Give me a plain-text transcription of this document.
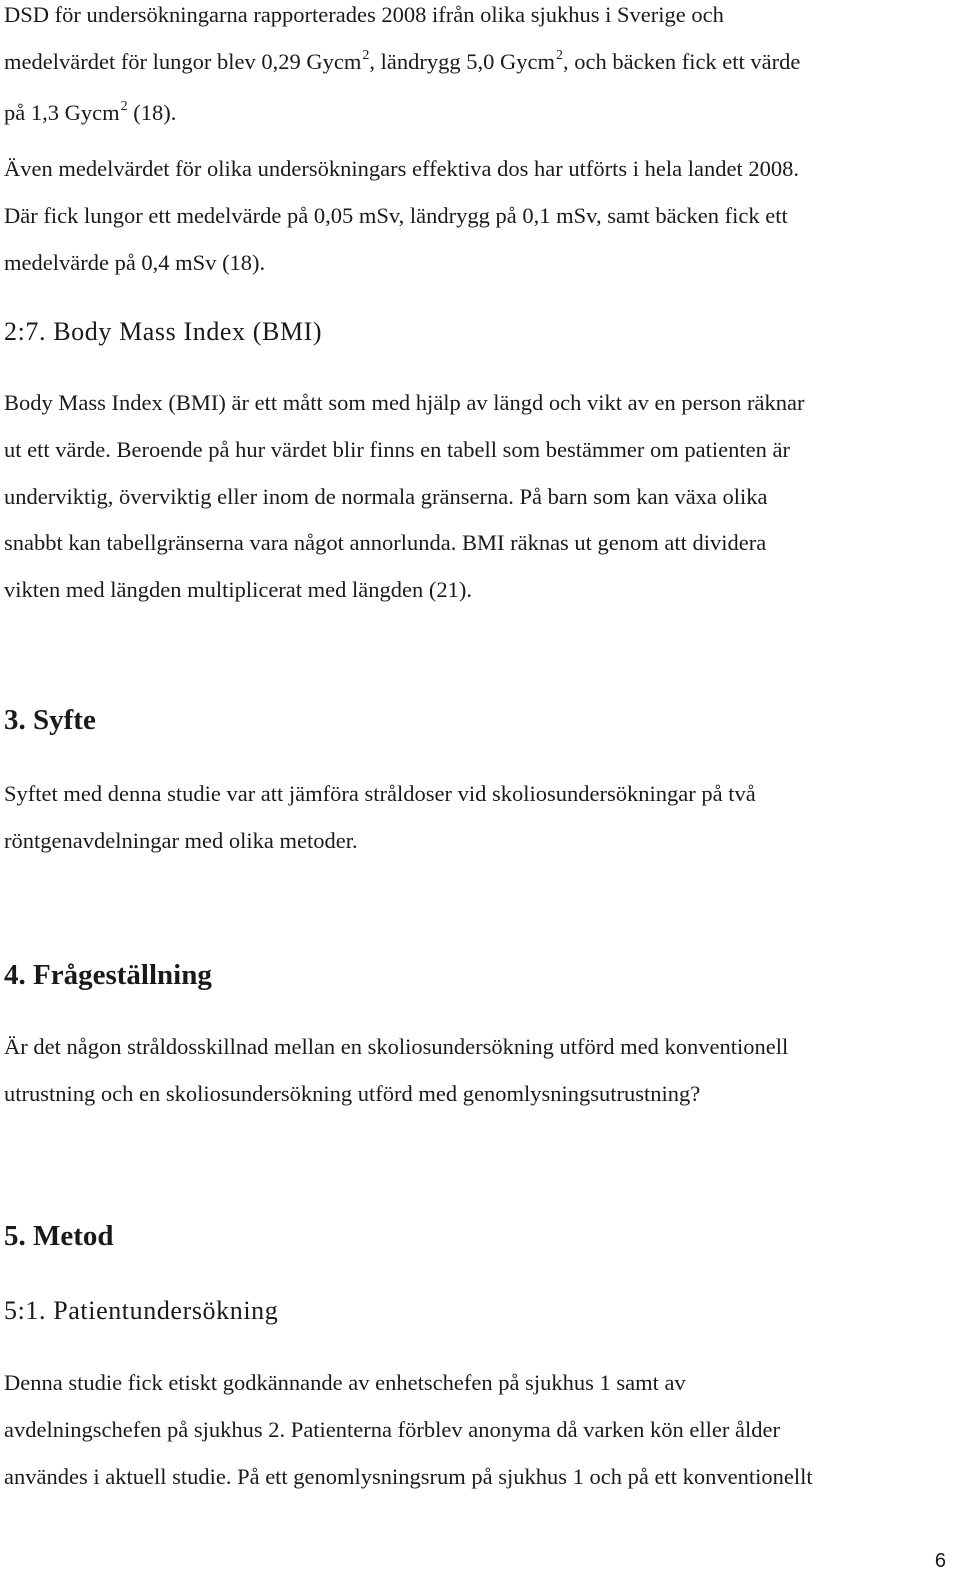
DSD för undersökningarna rapporterades 2008 ifrån olika sjukhus i Sverige och
medelvärdet för lungor blev 0,29 Gycm$^2$, ländrygg 5,0 Gycm$^2$, och bäcken fick ett värde
på 1,3 Gycm$^2$ (18).

Även medelvärdet för olika undersökningars effektiva dos har utförts i hela landet 2008.
Där fick lungor ett medelvärde på 0,05 mSv, ländrygg på 0,1 mSv, samt bäcken fick ett
medelvärde på 0,4 mSv (18).

2:7. Body Mass Index (BMI)

Body Mass Index (BMI) är ett mått som med hjälp av längd och vikt av en person räknar
ut ett värde. Beroende på hur värdet blir finns en tabell som bestämmer om patienten är
underviktig, överviktig eller inom de normala gränserna. På barn som kan växa olika
snabbt kan tabellgränserna vara något annorlunda. BMI räknas ut genom att dividera
vikten med längden multiplicerat med längden (21).

3. Syfte

Syftet med denna studie var att jämföra stråldoser vid skoliosundersökningar på två
röntgenavdelningar med olika metoder.

4. Frågeställning

Är det någon stråldosskillnad mellan en skoliosundersökning utförd med konventionell
utrustning och en skoliosundersökning utförd med genomlysningsutrustning?

5. Metod
5:1. Patientundersökning

Denna studie fick etiskt godkännande av enhetschefen på sjukhus 1 samt av
avdelningschefen på sjukhus 2. Patienterna förblev anonyma då varken kön eller ålder
användes i aktuell studie. På ett genomlysningsrum på sjukhus 1 och på ett konventionellt

6
